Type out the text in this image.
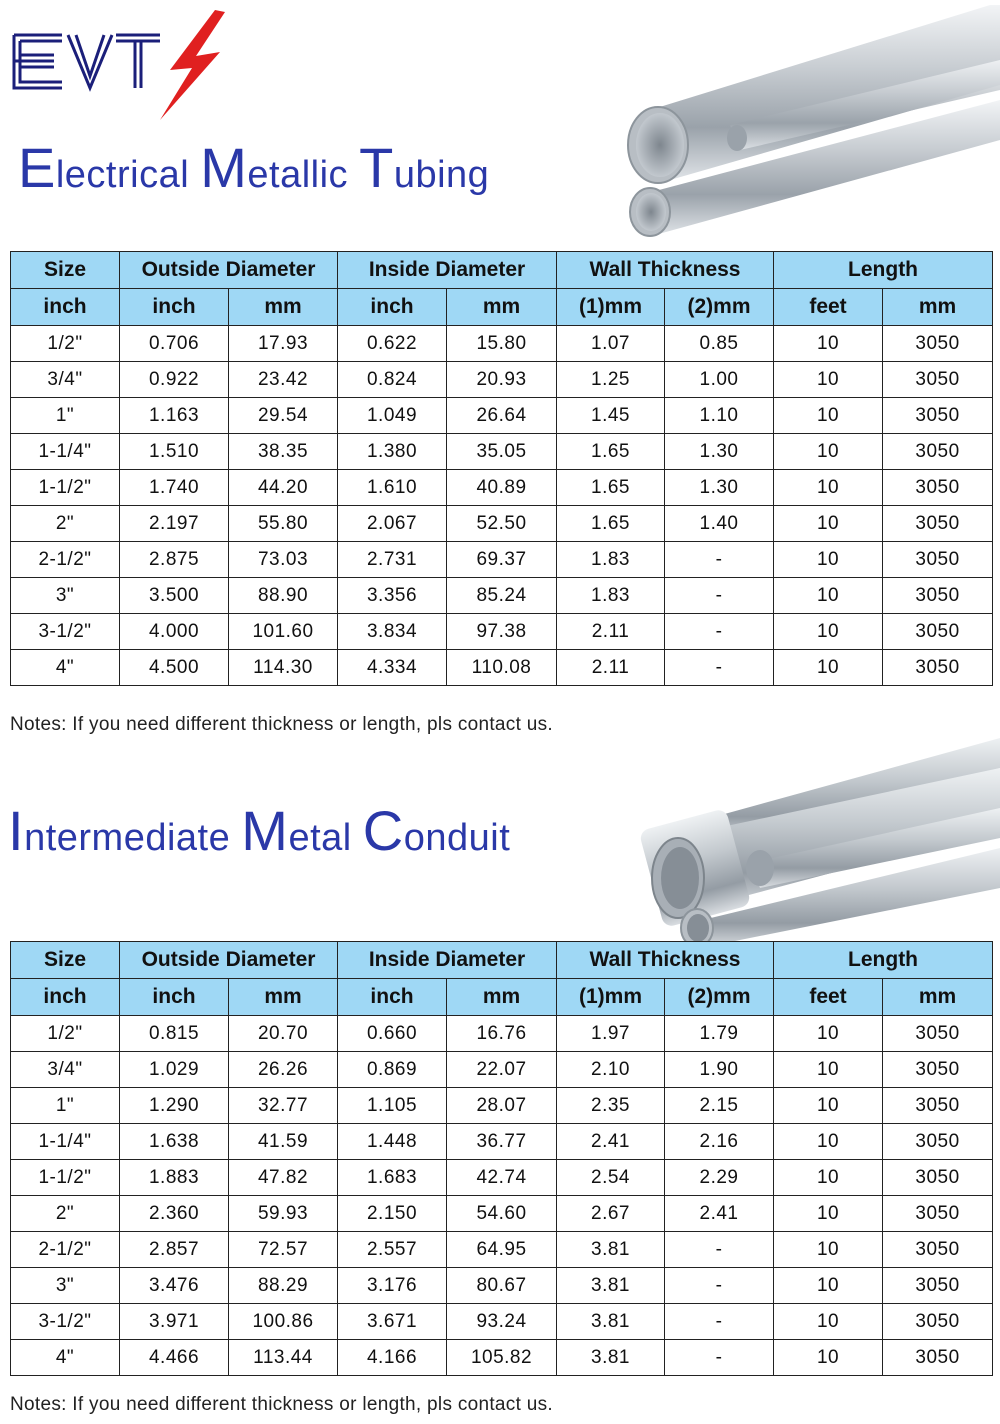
Electrical Metallic Tubing
Size	Outside Diameter		Inside Diameter		Wall Thickness		Length	
inch	inch	mm	inch	mm	(1)mm	(2)mm	feet	mm
1/2"	0.706	17.93	0.622	15.80	1.07	0.85	10	3050
3/4"	0.922	23.42	0.824	20.93	1.25	1.00	10	3050
1"	1.163	29.54	1.049	26.64	1.45	1.10	10	3050
1-1/4"	1.510	38.35	1.380	35.05	1.65	1.30	10	3050
1-1/2"	1.740	44.20	1.610	40.89	1.65	1.30	10	3050
2"	2.197	55.80	2.067	52.50	1.65	1.40	10	3050
2-1/2"	2.875	73.03	2.731	69.37	1.83	-	10	3050
3"	3.500	88.90	3.356	85.24	1.83	-	10	3050
3-1/2"	4.000	101.60	3.834	97.38	2.11	-	10	3050
4"	4.500	114.30	4.334	110.08	2.11	-	10	3050
Notes: If you need different thickness or length, pls contact us.
Intermediate Metal Conduit
Size	Outside Diameter		Inside Diameter		Wall Thickness		Length	
inch	inch	mm	inch	mm	(1)mm	(2)mm	feet	mm
1/2"	0.815	20.70	0.660	16.76	1.97	1.79	10	3050
3/4"	1.029	26.26	0.869	22.07	2.10	1.90	10	3050
1"	1.290	32.77	1.105	28.07	2.35	2.15	10	3050
1-1/4"	1.638	41.59	1.448	36.77	2.41	2.16	10	3050
1-1/2"	1.883	47.82	1.683	42.74	2.54	2.29	10	3050
2"	2.360	59.93	2.150	54.60	2.67	2.41	10	3050
2-1/2"	2.857	72.57	2.557	64.95	3.81	-	10	3050
3"	3.476	88.29	3.176	80.67	3.81	-	10	3050
3-1/2"	3.971	100.86	3.671	93.24	3.81	-	10	3050
4"	4.466	113.44	4.166	105.82	3.81	-	10	3050
Notes: If you need different thickness or length, pls contact us.
